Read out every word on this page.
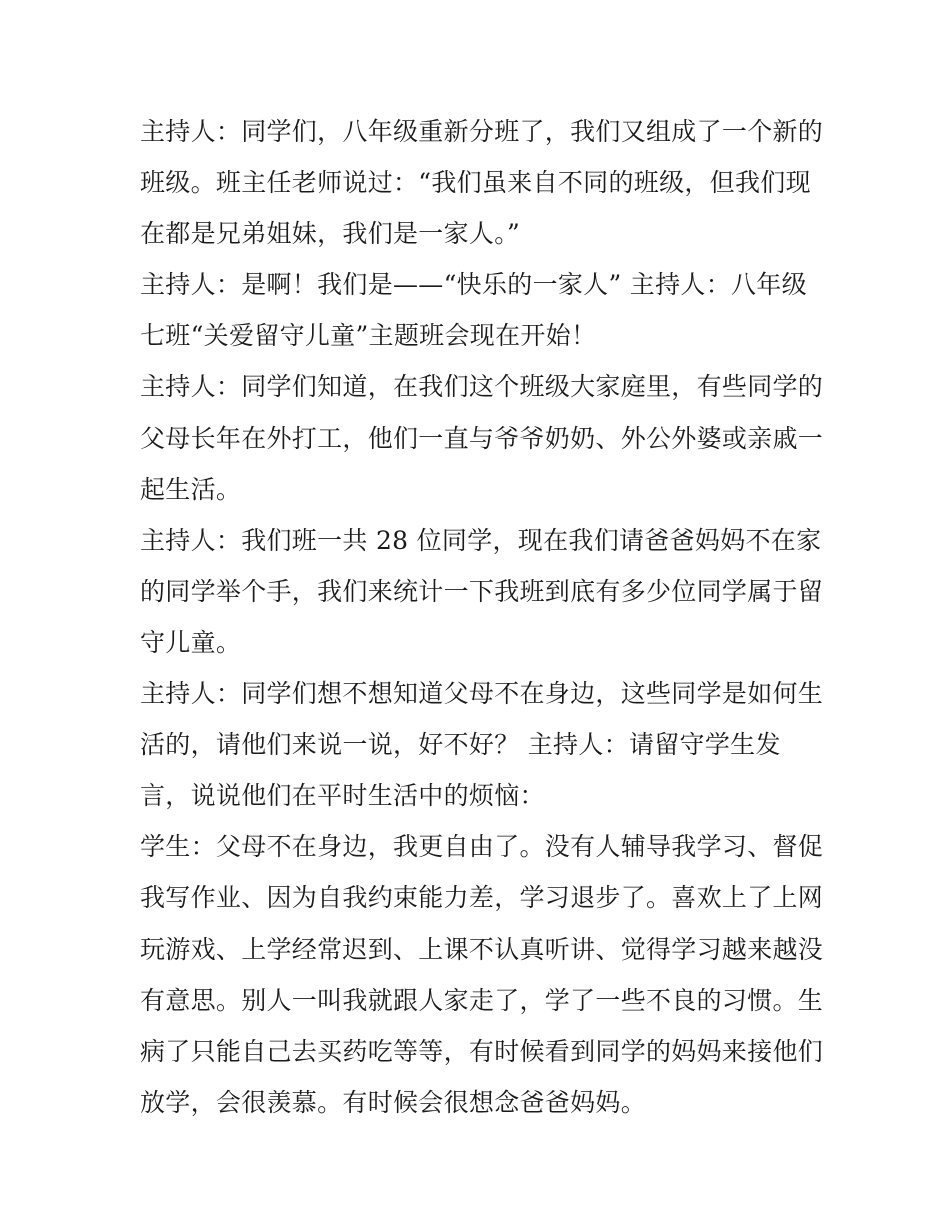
主持人：同学们，八年级重新分班了，我们又组成了一个新的
班级。班主任老师说过：“我们虽来自不同的班级，但我们现
在都是兄弟姐妹，我们是一家人。”
主持人：是啊！我们是——“快乐的一家人” 主持人：八年级
七班“关爱留守儿童”主题班会现在开始！
主持人：同学们知道，在我们这个班级大家庭里，有些同学的
父母长年在外打工，他们一直与爷爷奶奶、外公外婆或亲戚一
起生活。
主持人：我们班一共 28 位同学，现在我们请爸爸妈妈不在家
的同学举个手，我们来统计一下我班到底有多少位同学属于留
守儿童。
主持人：同学们想不想知道父母不在身边，这些同学是如何生
活的，请他们来说一说，好不好？ 主持人：请留守学生发
言，说说他们在平时生活中的烦恼：
学生：父母不在身边，我更自由了。没有人辅导我学习、督促
我写作业、因为自我约束能力差，学习退步了。喜欢上了上网
玩游戏、上学经常迟到、上课不认真听讲、觉得学习越来越没
有意思。别人一叫我就跟人家走了，学了一些不良的习惯。生
病了只能自己去买药吃等等，有时候看到同学的妈妈来接他们
放学，会很羡慕。有时候会很想念爸爸妈妈。
